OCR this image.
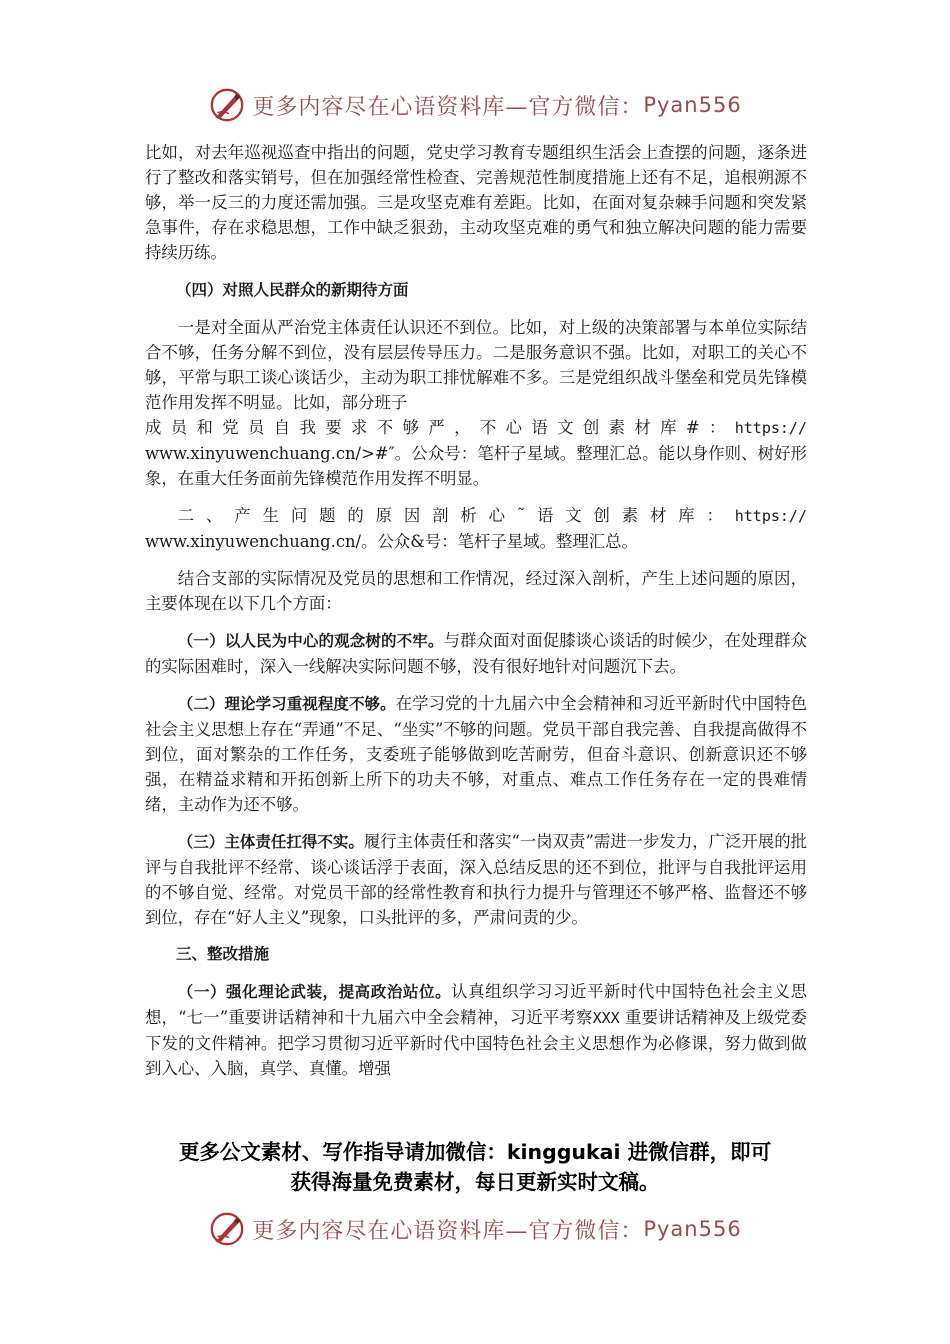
更多内容尽在心语资料库—官方微信： Pyan556

比如，对去年巡视巡查中指出的问题，党史学习教育专题组织生活会上查摆的问题，逐条进行了整改和落实销号，但在加强经常性检查、完善规范性制度措施上还有不足，追根朔源不够，举一反三的力度还需加强。三是攻坚克难有差距。比如，在面对复杂棘手问题和突发紧急事件，存在求稳思想，工作中缺乏狠劲，主动攻坚克难的勇气和独立解决问题的能力需要持续历练。

（四）对照人民群众的新期待方面

一是对全面从严治党主体责任认识还不到位。比如，对上级的决策部署与本单位实际结合不够，任务分解不到位，没有层层传导压力。二是服务意识不强。比如，对职工的关心不够，平常与职工谈心谈话少，主动为职工排忧解难不多。三是党组织战斗堡垒和党员先锋模范作用发挥不明显。比如，部分班子
成员和党员自我要求不够严，不心语文创素材库#：https://
www.xinyuwenchuang.cn/>#″。公众号：笔杆子星域。整理汇总。能以身作则、树好形象，在重大任务面前先锋模范作用发挥不明显。

二、产生问题的原因剖析心˜语文创素材库：https://
www.xinyuwenchuang.cn/。公众&号：笔杆子星域。整理汇总。

结合支部的实际情况及党员的思想和工作情况，经过深入剖析，产生上述问题的原因，主要体现在以下几个方面：

（一）以人民为中心的观念树的不牢。与群众面对面促膝谈心谈话的时候少，在处理群众的实际困难时，深入一线解决实际问题不够，没有很好地针对问题沉下去。

（二）理论学习重视程度不够。在学习党的十九届六中全会精神和习近平新时代中国特色社会主义思想上存在“弄通”不足、“坐实”不够的问题。党员干部自我完善、自我提高做得不到位，面对繁杂的工作任务，支委班子能够做到吃苦耐劳，但奋斗意识、创新意识还不够强，在精益求精和开拓创新上所下的功夫不够，对重点、难点工作任务存在一定的畏难情绪，主动作为还不够。

（三）主体责任扛得不实。履行主体责任和落实“一岗双责”需进一步发力，广泛开展的批评与自我批评不经常、谈心谈话浮于表面，深入总结反思的还不到位，批评与自我批评运用的不够自觉、经常。对党员干部的经常性教育和执行力提升与管理还不够严格、监督还不够到位，存在“好人主义”现象，口头批评的多，严肃问责的少。

三、整改措施

（一）强化理论武装，提高政治站位。认真组织学习习近平新时代中国特色社会主义思想，“七一”重要讲话精神和十九届六中全会精神，习近平考察XXX 重要讲话精神及上级党委下发的文件精神。把学习贯彻习近平新时代中国特色社会主义思想作为必修课，努力做到做到入心、入脑，真学、真懂。增强

更多公文素材、写作指导请加微信：kinggukai 进微信群，即可
获得海量免费素材，每日更新实时文稿。
更多内容尽在心语资料库—官方微信： Pyan556
